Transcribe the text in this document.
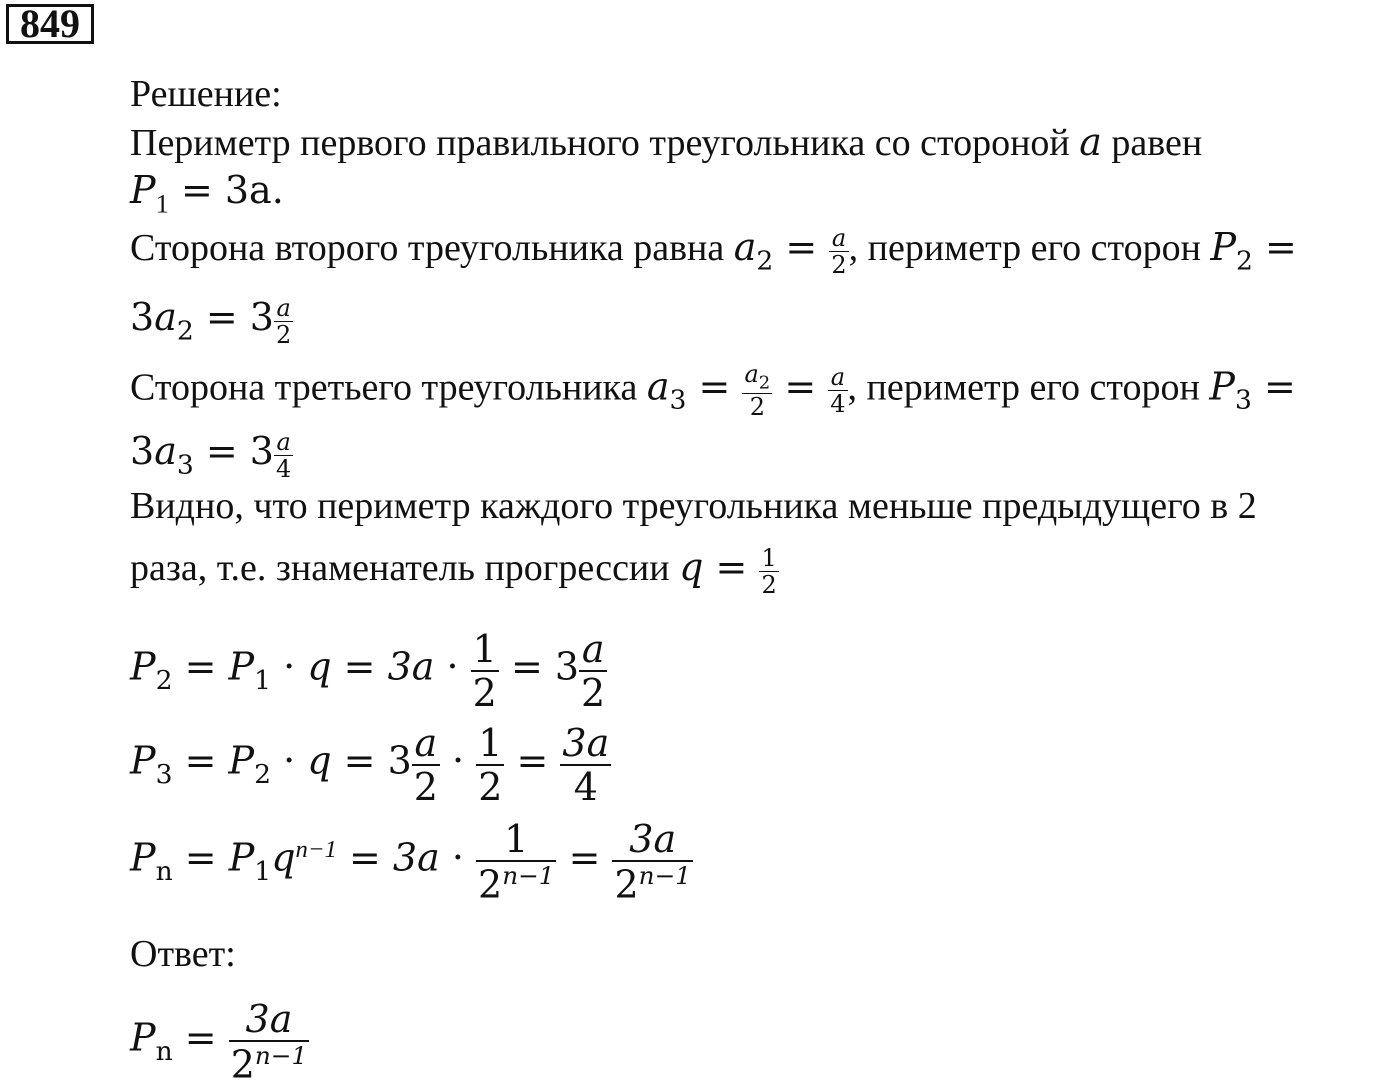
849
Решение:
Периметр первого правильного треугольника со стороной a равен
$P_1 = 3a$.
Сторона второго треугольника равна $a_2 = \frac{a}{2}$ , периметр его сторон $P_2$ =
$3a_2 = 3 \frac{a}{2}$
Сторона третьего треугольника $a_3 = \frac{a_2}{2} = \frac{a}{4}$ , периметр его сторон $P_3$ =
$3a_3 = 3 \frac{a}{4}$
Видно, что периметр каждого треугольника меньше предыдущего в 2
раза, т.е. знаменатель прогрессии $q = \frac{1}{2}$
$P_2 = P_1 \cdot q = 3a \cdot \frac{1}{2} = 3 \frac{a}{2}$
$P_3 = P_2 \cdot q = 3 \frac{a}{2} \cdot \frac{1}{2} = \frac{3a}{4}$
$P_n = P_1q^{n-1} = 3a \cdot \frac{1}{2^{n-1}} = \frac{3a}{2^{n-1}}$
Ответ:
$P_n = \frac{3a}{2^{n-1}}$
